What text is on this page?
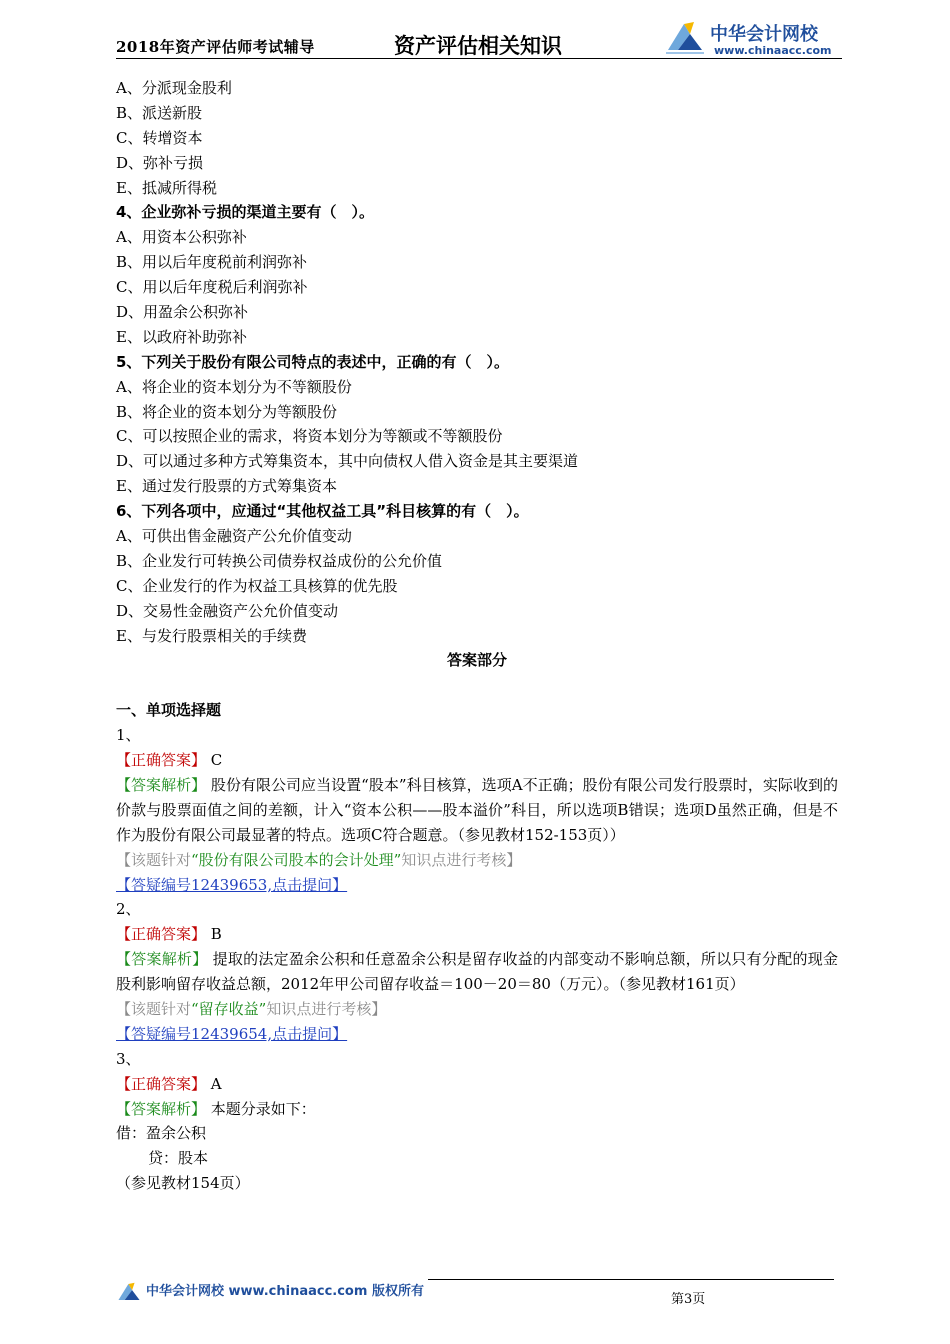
2018年资产评估师考试辅导	资产评估相关知识	中华会计网校
www.chinaacc.com
A、分派现金股利
B、派送新股
C、转增资本
D、弥补亏损
E、抵减所得税
4、企业弥补亏损的渠道主要有（　）。
A、用资本公积弥补
B、用以后年度税前利润弥补
C、用以后年度税后利润弥补
D、用盈余公积弥补
E、以政府补助弥补
5、下列关于股份有限公司特点的表述中，正确的有（　）。
A、将企业的资本划分为不等额股份
B、将企业的资本划分为等额股份
C、可以按照企业的需求，将资本划分为等额或不等额股份
D、可以通过多种方式筹集资本，其中向债权人借入资金是其主要渠道
E、通过发行股票的方式筹集资本
6、下列各项中，应通过“其他权益工具”科目核算的有（　）。
A、可供出售金融资产公允价值变动
B、企业发行可转换公司债券权益成份的公允价值
C、企业发行的作为权益工具核算的优先股
D、交易性金融资产公允价值变动
E、与发行股票相关的手续费
答案部分
一、单项选择题
1、
【正确答案】 C
【答案解析】 股份有限公司应当设置“股本”科目核算，选项A不正确；股份有限公司发行股票时，实际收到的价款与股票面值之间的差额，计入“资本公积——股本溢价”科目，所以选项B错误；选项D虽然正确，但是不作为股份有限公司最显著的特点。选项C符合题意。（参见教材152-153页））
【该题针对“股份有限公司股本的会计处理”知识点进行考核】
【答疑编号12439653,点击提问】
2、
【正确答案】 B
【答案解析】 提取的法定盈余公积和任意盈余公积是留存收益的内部变动不影响总额，所以只有分配的现金股利影响留存收益总额，2012年甲公司留存收益＝100－20＝80（万元）。（参见教材161页）
【该题针对“留存收益”知识点进行考核】
【答疑编号12439654,点击提问】
3、
【正确答案】 A
【答案解析】 本题分录如下：
借：盈余公积
贷：股本
（参见教材154页）
中华会计网校 www.chinaacc.com 版权所有
第3页
